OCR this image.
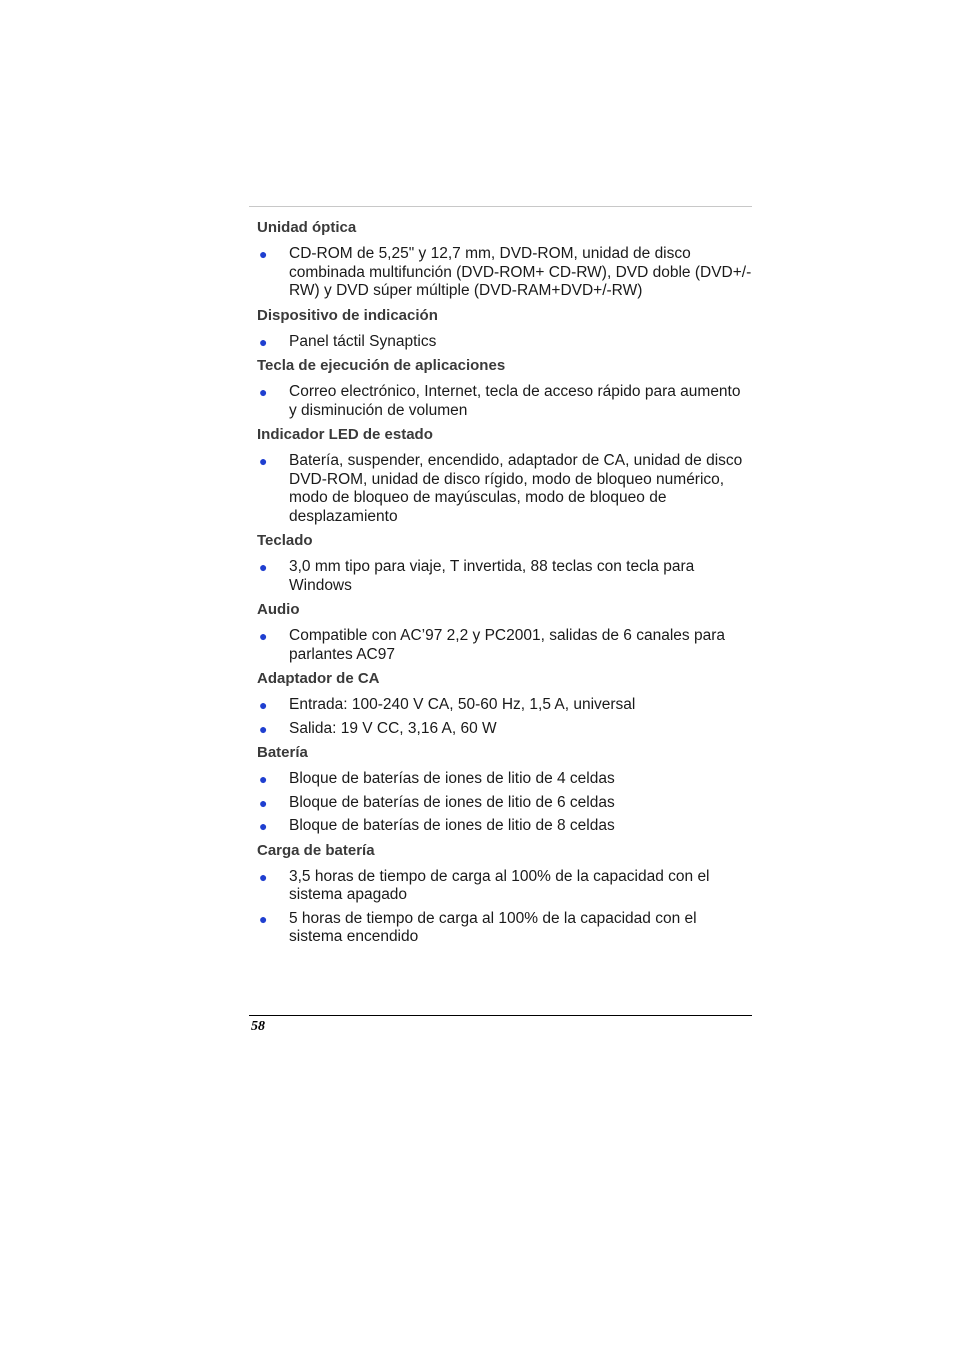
Unidad óptica
● CD-ROM de 5,25" y 12,7 mm, DVD-ROM, unidad de disco combinada multifunción (DVD-ROM+ CD-RW), DVD doble (DVD+/-RW) y DVD súper múltiple (DVD-RAM+DVD+/-RW)
Dispositivo de indicación
● Panel táctil Synaptics
Tecla de ejecución de aplicaciones
● Correo electrónico, Internet, tecla de acceso rápido para aumento y disminución de volumen
Indicador LED de estado
● Batería, suspender, encendido, adaptador de CA, unidad de disco DVD-ROM, unidad de disco rígido, modo de bloqueo numérico, modo de bloqueo de mayúsculas, modo de bloqueo de desplazamiento
Teclado
● 3,0 mm tipo para viaje, T invertida, 88 teclas con tecla para Windows
Audio
● Compatible con AC’97 2,2 y PC2001, salidas de 6 canales para parlantes AC97
Adaptador de CA
● Entrada: 100-240 V CA, 50-60 Hz, 1,5 A, universal
● Salida: 19 V CC, 3,16 A, 60 W
Batería
● Bloque de baterías de iones de litio de 4 celdas
● Bloque de baterías de iones de litio de 6 celdas
● Bloque de baterías de iones de litio de 8 celdas
Carga de batería
● 3,5 horas de tiempo de carga al 100% de la capacidad con el sistema apagado
● 5 horas de tiempo de carga al 100% de la capacidad con el sistema encendido
58
